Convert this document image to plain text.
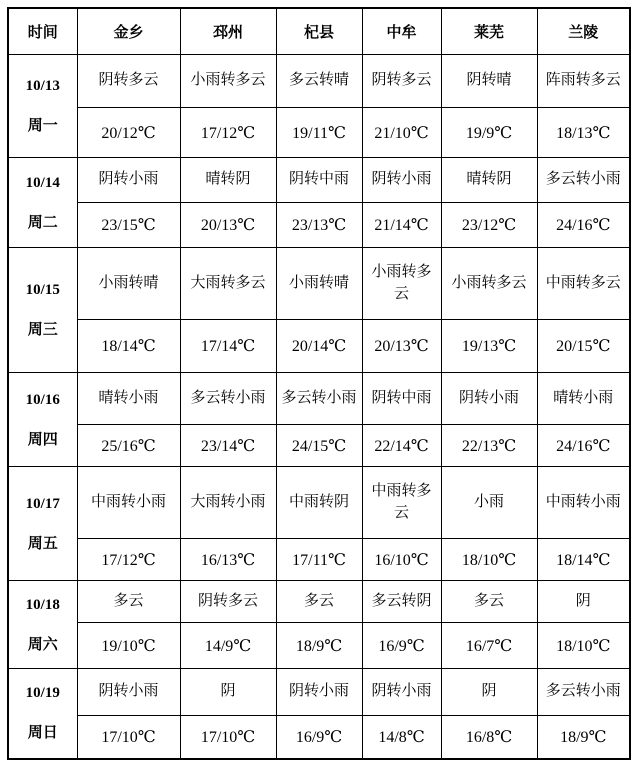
时间	金乡	邳州	杞县	中牟	莱芜	兰陵

10/13
周一	阴转多云	小雨转多云	多云转晴	阴转多云	阴转晴	阵雨转多云
	20/12℃	17/12℃	19/11℃	21/10℃	19/9℃	18/13℃

10/14
周二	阴转小雨	晴转阴	阴转中雨	阴转小雨	晴转阴	多云转小雨
	23/15℃	20/13℃	23/13℃	21/14℃	23/12℃	24/16℃

10/15
周三	小雨转晴	大雨转多云	小雨转晴	小雨转多云	小雨转多云	中雨转多云
	18/14℃	17/14℃	20/14℃	20/13℃	19/13℃	20/15℃

10/16
周四	晴转小雨	多云转小雨	多云转小雨	阴转中雨	阴转小雨	晴转小雨
	25/16℃	23/14℃	24/15℃	22/14℃	22/13℃	24/16℃

10/17
周五	中雨转小雨	大雨转小雨	中雨转阴	中雨转多云	小雨	中雨转小雨
	17/12℃	16/13℃	17/11℃	16/10℃	18/10℃	18/14℃

10/18
周六	多云	阴转多云	多云	多云转阴	多云	阴
	19/10℃	14/9℃	18/9℃	16/9℃	16/7℃	18/10℃

10/19
周日	阴转小雨	阴	阴转小雨	阴转小雨	阴	多云转小雨
	17/10℃	17/10℃	16/9℃	14/8℃	16/8℃	18/9℃
